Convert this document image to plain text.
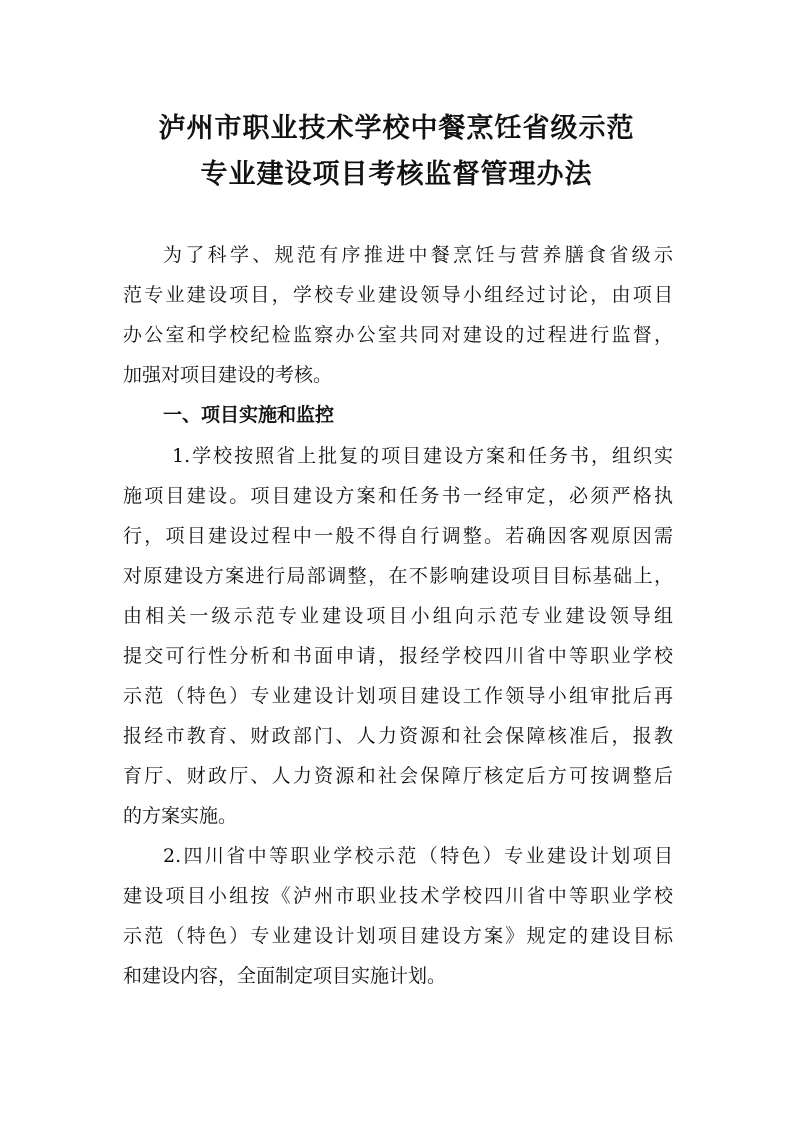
泸州市职业技术学校中餐烹饪省级示范
专业建设项目考核监督管理办法
为了科学、规范有序推进中餐烹饪与营养膳食省级示
范专业建设项目，学校专业建设领导小组经过讨论，由项目
办公室和学校纪检监察办公室共同对建设的过程进行监督，
加强对项目建设的考核。
一、项目实施和监控
1.学校按照省上批复的项目建设方案和任务书，组织实
施项目建设。项目建设方案和任务书一经审定，必须严格执
行，项目建设过程中一般不得自行调整。若确因客观原因需
对原建设方案进行局部调整，在不影响建设项目目标基础上，
由相关一级示范专业建设项目小组向示范专业建设领导组
提交可行性分析和书面申请，报经学校四川省中等职业学校
示范（特色）专业建设计划项目建设工作领导小组审批后再
报经市教育、财政部门、人力资源和社会保障核准后，报教
育厅、财政厅、人力资源和社会保障厅核定后方可按调整后
的方案实施。
2.四川省中等职业学校示范（特色）专业建设计划项目
建设项目小组按《泸州市职业技术学校四川省中等职业学校
示范（特色）专业建设计划项目建设方案》规定的建设目标
和建设内容，全面制定项目实施计划。
